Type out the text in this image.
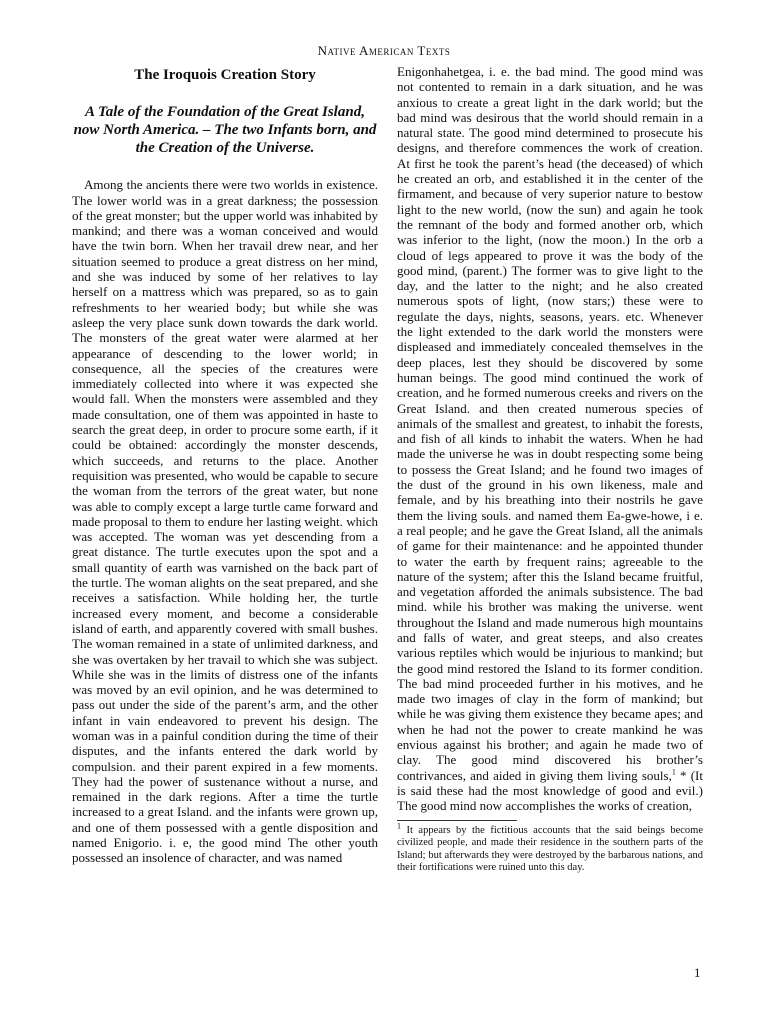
Native American Texts
The Iroquois Creation Story
A Tale of the Foundation of the Great Island, now North America. – The two Infants born, and the Creation of the Universe.

Among the ancients there were two worlds in existence. The lower world was in a great darkness; the possession of the great monster; but the upper world was inhabited by mankind; and there was a woman conceived and would have the twin born. When her travail drew near, and her situation seemed to produce a great distress on her mind, and she was induced by some of her relatives to lay herself on a mattress which was prepared, so as to gain refreshments to her wearied body; but while she was asleep the very place sunk down towards the dark world. The monsters of the great water were alarmed at her appearance of descending to the lower world; in consequence, all the species of the creatures were immediately collected into where it was expected she would fall. When the monsters were assembled and they made consultation, one of them was appointed in haste to search the great deep, in order to procure some earth, if it could be obtained: accordingly the monster descends, which succeeds, and returns to the place. Another requisition was presented, who would be capable to secure the woman from the terrors of the great water, but none was able to comply except a large turtle came forward and made proposal to them to endure her lasting weight. which was accepted. The woman was yet descending from a great distance. The turtle executes upon the spot and a small quantity of earth was varnished on the back part of the turtle. The woman alights on the seat prepared, and she receives a satisfaction. While holding her, the turtle increased every moment, and become a considerable island of earth, and apparently covered with small bushes. The woman remained in a state of unlimited darkness, and she was overtaken by her travail to which she was subject. While she was in the limits of distress one of the infants was moved by an evil opinion, and he was determined to pass out under the side of the parent’s arm, and the other infant in vain endeavored to prevent his design. The woman was in a painful condition during the time of their disputes, and the infants entered the dark world by compulsion. and their parent expired in a few moments. They had the power of sustenance without a nurse, and remained in the dark regions. After a time the turtle increased to a great Island. and the infants were grown up, and one of them possessed with a gentle disposition and named Enigorio. i. e, the good mind The other youth possessed an insolence of character, and was named

Enigonhahetgea, i. e. the bad mind. The good mind was not contented to remain in a dark situation, and he was anxious to create a great light in the dark world; but the bad mind was desirous that the world should remain in a natural state. The good mind determined to prosecute his designs, and therefore commences the work of creation. At first he took the parent’s head (the deceased) of which he created an orb, and established it in the center of the firmament, and because of very superior nature to bestow light to the new world, (now the sun) and again he took the remnant of the body and formed another orb, which was inferior to the light, (now the moon.) In the orb a cloud of legs appeared to prove it was the body of the good mind, (parent.) The former was to give light to the day, and the latter to the night; and he also created numerous spots of light, (now stars;) these were to regulate the days, nights, seasons, years. etc. Whenever the light extended to the dark world the monsters were displeased and immediately concealed themselves in the deep places, lest they should be discovered by some human beings. The good mind continued the work of creation, and he formed numerous creeks and rivers on the Great Island. and then created numerous species of animals of the smallest and greatest, to inhabit the forests, and fish of all kinds to inhabit the waters. When he had made the universe he was in doubt respecting some being to possess the Great Island; and he found two images of the dust of the ground in his own likeness, male and female, and by his breathing into their nostrils he gave them the living souls. and named them Ea-gwe-howe, i e. a real people; and he gave the Great Island, all the animals of game for their maintenance: and he appointed thunder to water the earth by frequent rains; agreeable to the nature of the system; after this the Island became fruitful, and vegetation afforded the animals subsistence. The bad mind. while his brother was making the universe. went throughout the Island and made numerous high mountains and falls of water, and great steeps, and also creates various reptiles which would be injurious to mankind; but the good mind restored the Island to its former condition. The bad mind proceeded further in his motives, and he made two images of clay in the form of mankind; but while he was giving them existence they became apes; and when he had not the power to create mankind he was envious against his brother; and again he made two of clay. The good mind discovered his brother’s contrivances, and aided in giving them living souls,$^1$ * (It is said these had the most knowledge of good and evil.) The good mind now accomplishes the works of creation,

$^1$ It appears by the fictitious accounts that the said beings become civilized people, and made their residence in the southern parts of the Island; but afterwards they were destroyed by the barbarous nations, and their fortifications were ruined unto this day.

1
